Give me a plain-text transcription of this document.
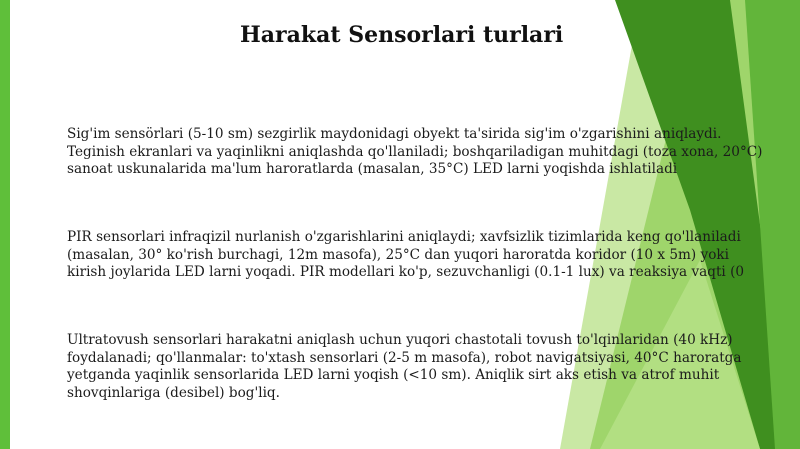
Harakat Sensorlari turlari
Sig'im sensörlari (5-10 sm) sezgirlik maydonidagi obyekt ta'sirida sig'im o'zgarishini aniqlaydi. Teginish ekranlari va yaqinlikni aniqlashda qo'llaniladi; boshqariladigan muhitdagi (toza xona, 20°C) sanoat uskunalarida ma'lum haroratlarda (masalan, 35°C) LED larni yoqishda ishlatiladi
PIR sensorlari infraqizil nurlanish o'zgarishlarini aniqlaydi; xavfsizlik tizimlarida keng qo'llaniladi (masalan, 30° ko'rish burchagi, 12m masofa), 25°C dan yuqori haroratda koridor (10 x 5m) yoki kirish joylarida LED larni yoqadi. PIR modellari ko'p, sezuvchanligi (0.1-1 lux) va reaksiya vaqti (0
Ultratovush sensorlari harakatni aniqlash uchun yuqori chastotali tovush to'lqinlaridan (40 kHz) foydalanadi; qo'llanmalar: to'xtash sensorlari (2-5 m masofa), robot navigatsiyasi, 40°C haroratga yetganda yaqinlik sensorlarida LED larni yoqish (<10 sm). Aniqlik sirt aks etish va atrof muhit shovqinlariga (desibel) bog'liq.
